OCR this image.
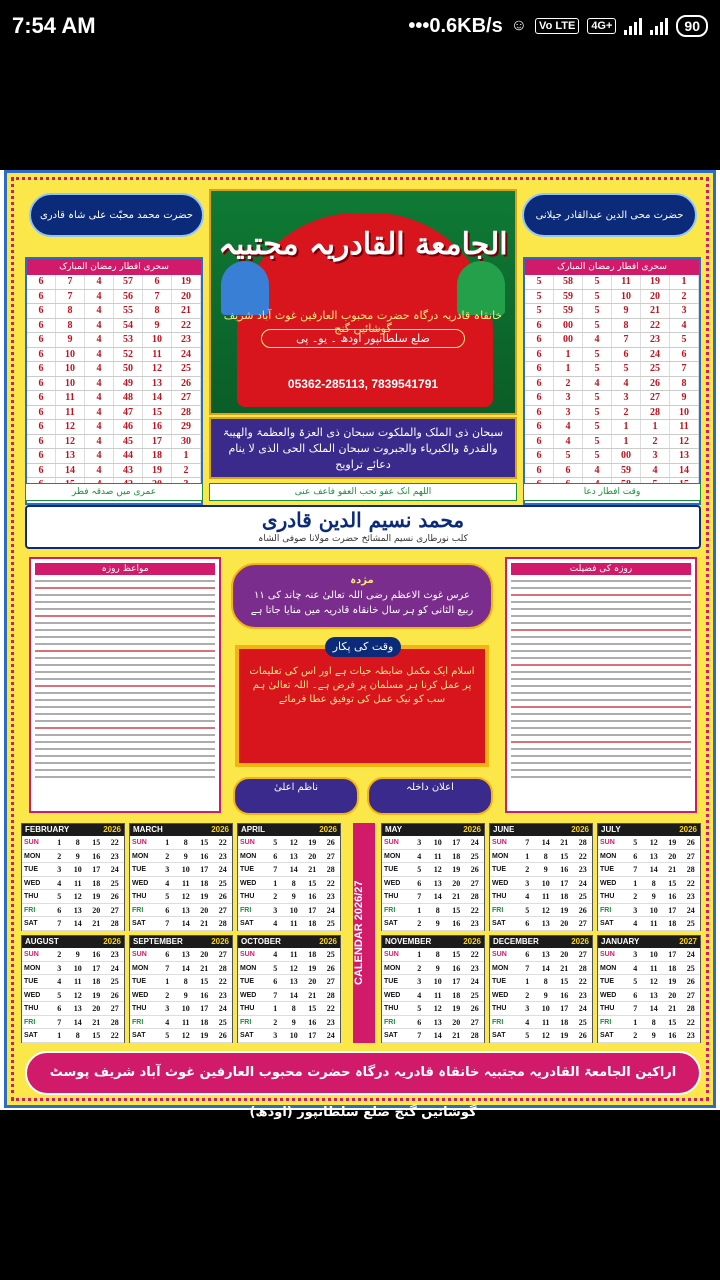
7:54 AM	•••0.6KB/s ☺	Vo LTE	4G+	90
حضرت محمد محبّت علی شاہ قادری	حضرت محی الدین عبدالقادر جیلانی
الجامعة القادریہ مجتبیہ
خانقاہ قادریہ درگاہ حضرت محبوب العارفین غوث آباد شریف گوشائیں گنج
ضلع سلطانپور اودھ ۔ یو۔ پی
05362-285113, 7839541791
سحری افطار رمضان المبارک
6	7	4	57	6	19
6	7	4	56	7	20
6	8	4	55	8	21
6	8	4	54	9	22
6	9	4	53	10	23
6	10	4	52	11	24
6	10	4	50	12	25
6	10	4	49	13	26
6	11	4	48	14	27
6	11	4	47	15	28
6	12	4	46	16	29
6	12	4	45	17	30
6	13	4	44	18	1
6	14	4	43	19	2
سحری افطار رمضان المبارک
5	58	5	11	19	1
5	59	5	10	20	2
5	59	5	9	21	3
6	00	5	8	22	4
6	00	4	7	23	5
6	1	5	6	24	6
6	1	5	5	25	7
6	2	4	4	26	8
6	3	5	3	27	9
6	3	5	2	28	10
6	4	5	1	1	11
6	4	5	1	2	12
6	5	5	00	3	13
6	6	4	59	4	14
سبحان ذی الملک والملکوت سبحان ذی العزۃ والعظمۃ والھیبۃ والقدرۃ والکبریاء والجبروت سبحان الملک الحی الذی لا ینام
دعائے تراویح
عمری میں صدقہ فطر	اللھم انک عفو تحب العفو فاعف عنی	وقت افطار دعا
محمد نسیم الدین قادری
کلب نورطاری نسیم المشائخ حضرت مولانا صوفی الشاہ
مواعظ روزہ	روزہ کی فضیلت
مژدہ
عرس غوث الاعظم رضی اللہ تعالیٰ عنہ چاند کی ۱۱ ربیع الثانی کو ہر سال خانقاہ قادریہ میں منایا جاتا ہے
وقت کی پکار
اسلام ایک مکمل ضابطہ حیات ہے اور اس کی تعلیمات پر عمل کرنا ہر مسلمان پر فرض ہے۔ اللہ تعالیٰ ہم سب کو نیک عمل کی توفیق عطا فرمائے
ناظم اعلیٰ	اعلان داخلہ
FEBRUARY	2026
SUN	1	8	15	22
MON	2	9	16	23
TUE	3	10	17	24
WED	4	11	18	25
THU	5	12	19	26
FRI	6	13	20	27
SAT	7	14	21	28
MARCH	2026
SUN	1	8	15	22
MON	2	9	16	23
TUE	3	10	17	24
WED	4	11	18	25
THU	5	12	19	26
FRI	6	13	20	27
SAT	7	14	21	28
APRIL	2026
SUN	5	12	19	26
MON	6	13	20	27
TUE	7	14	21	28
WED	1	8	15	22
THU	2	9	16	23
FRI	3	10	17	24
SAT	4	11	18	25
MAY	2026
SUN	3	10	17	24
MON	4	11	18	25
TUE	5	12	19	26
WED	6	13	20	27
THU	7	14	21	28
FRI	1	8	15	22
SAT	2	9	16	23
JUNE	2026
SUN	7	14	21	28
MON	1	8	15	22
TUE	2	9	16	23
WED	3	10	17	24
THU	4	11	18	25
FRI	5	12	19	26
SAT	6	13	20	27
JULY	2026
SUN	5	12	19	26
MON	6	13	20	27
TUE	7	14	21	28
WED	1	8	15	22
THU	2	9	16	23
FRI	3	10	17	24
SAT	4	11	18	25
AUGUST	2026
SUN	2	9	16	23
MON	3	10	17	24
TUE	4	11	18	25
WED	5	12	19	26
THU	6	13	20	27
FRI	7	14	21	28
SAT	1	8	15	22
SEPTEMBER	2026
SUN	6	13	20	27
MON	7	14	21	28
TUE	1	8	15	22
WED	2	9	16	23
THU	3	10	17	24
FRI	4	11	18	25
SAT	5	12	19	26
OCTOBER	2026
SUN	4	11	18	25
MON	5	12	19	26
TUE	6	13	20	27
WED	7	14	21	28
THU	1	8	15	22
FRI	2	9	16	23
SAT	3	10	17	24
NOVEMBER	2026
SUN	1	8	15	22
MON	2	9	16	23
TUE	3	10	17	24
WED	4	11	18	25
THU	5	12	19	26
FRI	6	13	20	27
SAT	7	14	21	28
DECEMBER	2026
SUN	6	13	20	27
MON	7	14	21	28
TUE	1	8	15	22
WED	2	9	16	23
THU	3	10	17	24
FRI	4	11	18	25
SAT	5	12	19	26
JANUARY	2027
SUN	3	10	17	24
MON	4	11	18	25
TUE	5	12	19	26
WED	6	13	20	27
THU	7	14	21	28
FRI	1	8	15	22
SAT	2	9	16	23
CALENDAR 2026/27
اراکین الجامعۃ القادریہ مجتبیہ خانقاہ قادریہ درگاہ حضرت محبوب العارفین غوث آباد شریف پوسٹ گوشائیں گنج ضلع سلطانپور (اودھ)
